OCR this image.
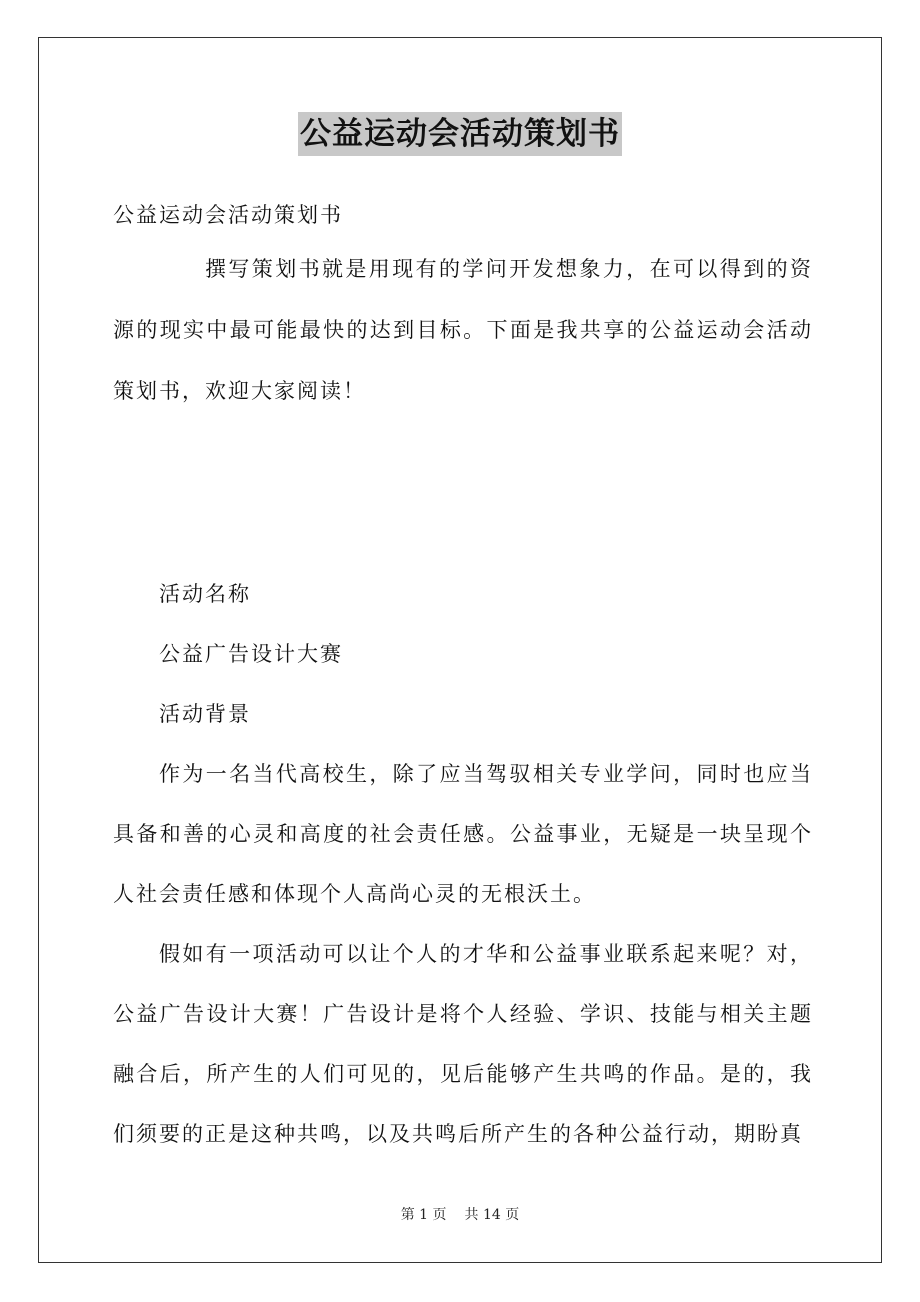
公益运动会活动策划书

公益运动会活动策划书

撰写策划书就是用现有的学问开发想象力，在可以得到的资源的现实中最可能最快的达到目标。下面是我共享的公益运动会活动策划书，欢迎大家阅读！

活动名称

公益广告设计大赛

活动背景

作为一名当代高校生，除了应当驾驭相关专业学问，同时也应当具备和善的心灵和高度的社会责任感。公益事业，无疑是一块呈现个人社会责任感和体现个人高尚心灵的无根沃土。

假如有一项活动可以让个人的才华和公益事业联系起来呢？对，公益广告设计大赛！广告设计是将个人经验、学识、技能与相关主题融合后，所产生的人们可见的，见后能够产生共鸣的作品。是的，我们须要的正是这种共鸣，以及共鸣后所产生的各种公益行动，期盼真

第 1 页 共 14 页
